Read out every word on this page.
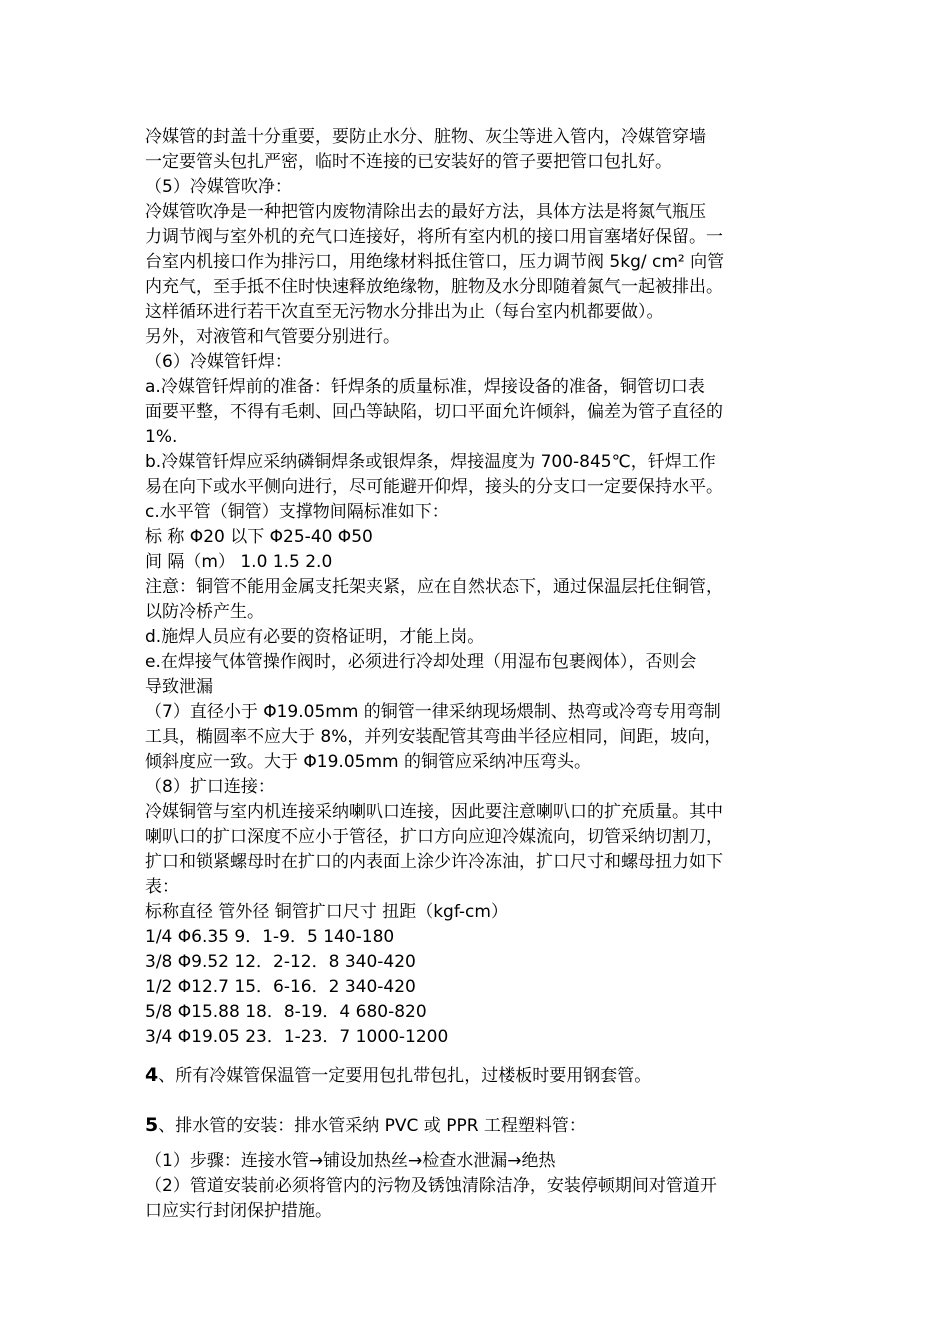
冷媒管的封盖十分重要，要防止水分、脏物、灰尘等进入管内，冷媒管穿墙
一定要管头包扎严密，临时不连接的已安装好的管子要把管口包扎好。
（5）冷媒管吹净：
冷媒管吹净是一种把管内废物清除出去的最好方法，具体方法是将氮气瓶压
力调节阀与室外机的充气口连接好，将所有室内机的接口用盲塞堵好保留。一
台室内机接口作为排污口，用绝缘材料抵住管口，压力调节阀 5kg/ cm² 向管
内充气，至手抵不住时快速释放绝缘物，脏物及水分即随着氮气一起被排出。
这样循环进行若干次直至无污物水分排出为止（每台室内机都要做）。
另外，对液管和气管要分别进行。
（6）冷媒管钎焊：
a.冷媒管钎焊前的准备：钎焊条的质量标准，焊接设备的准备，铜管切口表
面要平整，不得有毛刺、回凸等缺陷，切口平面允许倾斜，偏差为管子直径的
1%.
b.冷媒管钎焊应采纳磷铜焊条或银焊条，焊接温度为 700-845℃，钎焊工作
易在向下或水平侧向进行，尽可能避开仰焊，接头的分支口一定要保持水平。
c.水平管（铜管）支撑物间隔标准如下：
标 称 Φ20 以下 Φ25-40 Φ50
间 隔（m） 1.0 1.5 2.0
注意：铜管不能用金属支托架夹紧，应在自然状态下，通过保温层托住铜管，
以防冷桥产生。
d.施焊人员应有必要的资格证明，才能上岗。
e.在焊接气体管操作阀时，必须进行冷却处理（用湿布包裹阀体），否则会
导致泄漏
（7）直径小于 Φ19.05mm 的铜管一律采纳现场煨制、热弯或冷弯专用弯制
工具，椭圆率不应大于 8%，并列安装配管其弯曲半径应相同，间距，坡向，
倾斜度应一致。大于 Φ19.05mm 的铜管应采纳冲压弯头。
（8）扩口连接：
冷媒铜管与室内机连接采纳喇叭口连接，因此要注意喇叭口的扩充质量。其中
喇叭口的扩口深度不应小于管径，扩口方向应迎冷媒流向，切管采纳切割刀，
扩口和锁紧螺母时在扩口的内表面上涂少许冷冻油，扩口尺寸和螺母扭力如下
表：
标称直径 管外径 铜管扩口尺寸 扭距（kgf-cm）
1/4 Φ6.35 9．1-9．5 140-180
3/8 Φ9.52 12．2-12．8 340-420
1/2 Φ12.7 15．6-16．2 340-420
5/8 Φ15.88 18．8-19．4 680-820
3/4 Φ19.05 23．1-23．7 1000-1200
4、所有冷媒管保温管一定要用包扎带包扎，过楼板时要用钢套管。
5、排水管的安装：排水管采纳 PVC 或 PPR 工程塑料管：
（1）步骤：连接水管→铺设加热丝→检查水泄漏→绝热
（2）管道安装前必须将管内的污物及锈蚀清除洁净，安装停顿期间对管道开
口应实行封闭保护措施。
